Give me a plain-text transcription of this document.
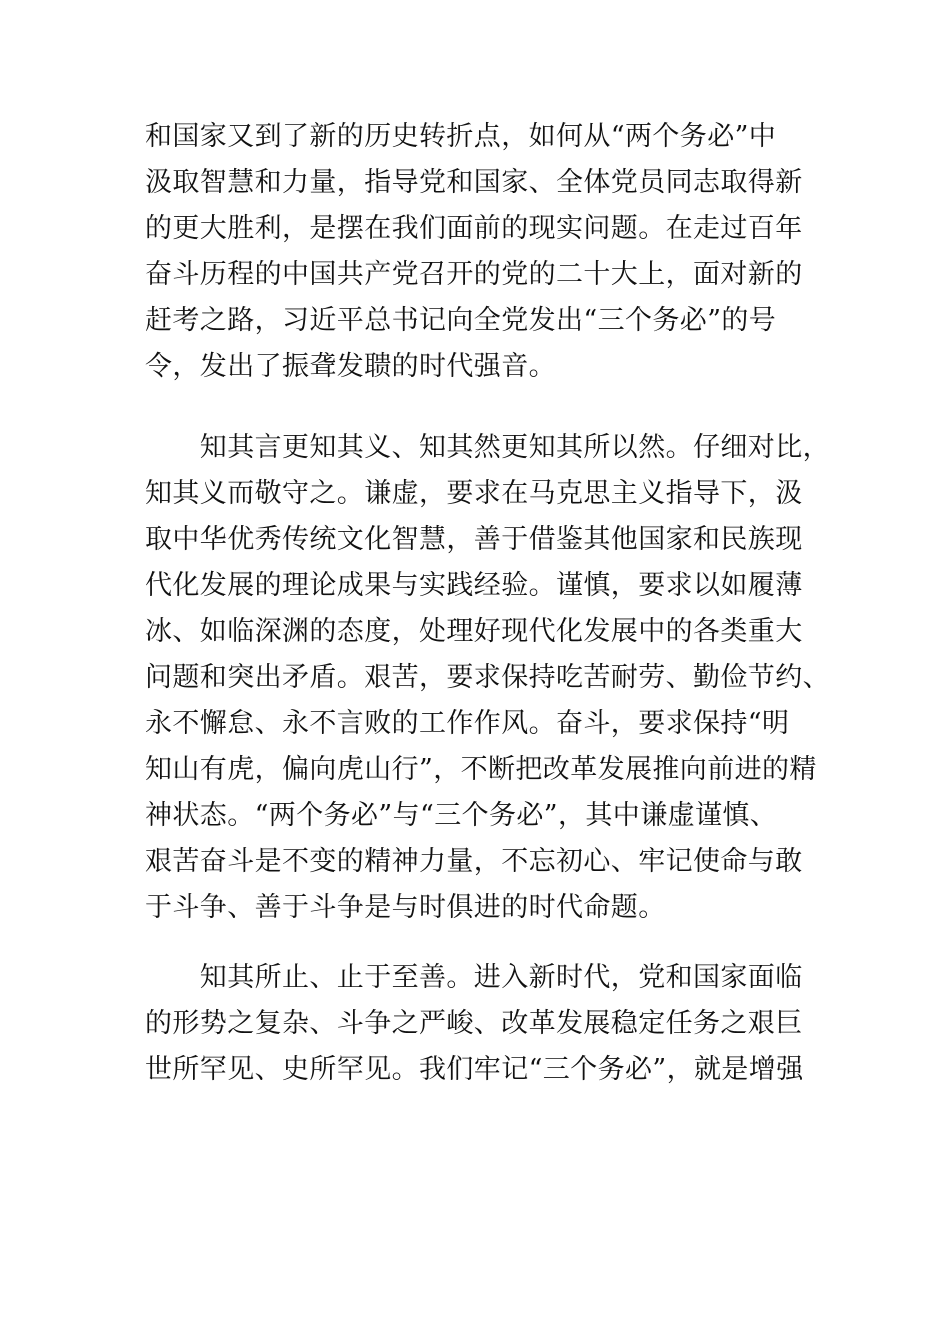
和国家又到了新的历史转折点，如何从“两个务必”中
汲取智慧和力量，指导党和国家、全体党员同志取得新
的更大胜利，是摆在我们面前的现实问题。在走过百年
奋斗历程的中国共产党召开的党的二十大上，面对新的
赶考之路，习近平总书记向全党发出“三个务必”的号
令，发出了振聋发聩的时代强音。
　　知其言更知其义、知其然更知其所以然。仔细对比，
知其义而敬守之。谦虚，要求在马克思主义指导下，汲
取中华优秀传统文化智慧，善于借鉴其他国家和民族现
代化发展的理论成果与实践经验。谨慎，要求以如履薄
冰、如临深渊的态度，处理好现代化发展中的各类重大
问题和突出矛盾。艰苦，要求保持吃苦耐劳、勤俭节约、
永不懈怠、永不言败的工作作风。奋斗，要求保持“明
知山有虎，偏向虎山行”，不断把改革发展推向前进的精
神状态。“两个务必”与“三个务必”，其中谦虚谨慎、
艰苦奋斗是不变的精神力量，不忘初心、牢记使命与敢
于斗争、善于斗争是与时俱进的时代命题。
　　知其所止、止于至善。进入新时代，党和国家面临
的形势之复杂、斗争之严峻、改革发展稳定任务之艰巨
世所罕见、史所罕见。我们牢记“三个务必”，就是增强
